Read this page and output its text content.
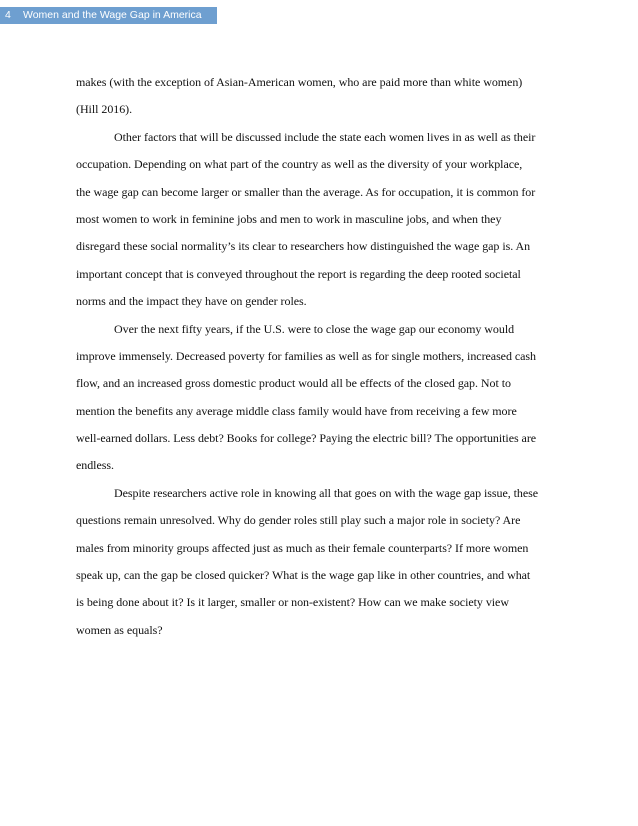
4 Women and the Wage Gap in America
makes (with the exception of Asian-American women, who are paid more than white women)
(Hill 2016).
Other factors that will be discussed include the state each women lives in as well as their
occupation. Depending on what part of the country as well as the diversity of your workplace,
the wage gap can become larger or smaller than the average. As for occupation, it is common for
most women to work in feminine jobs and men to work in masculine jobs, and when they
disregard these social normality’s its clear to researchers how distinguished the wage gap is. An
important concept that is conveyed throughout the report is regarding the deep rooted societal
norms and the impact they have on gender roles.
Over the next fifty years, if the U.S. were to close the wage gap our economy would
improve immensely. Decreased poverty for families as well as for single mothers, increased cash
flow, and an increased gross domestic product would all be effects of the closed gap. Not to
mention the benefits any average middle class family would have from receiving a few more
well-earned dollars. Less debt? Books for college? Paying the electric bill? The opportunities are
endless.
Despite researchers active role in knowing all that goes on with the wage gap issue, these
questions remain unresolved. Why do gender roles still play such a major role in society? Are
males from minority groups affected just as much as their female counterparts? If more women
speak up, can the gap be closed quicker? What is the wage gap like in other countries, and what
is being done about it? Is it larger, smaller or non-existent? How can we make society view
women as equals?
